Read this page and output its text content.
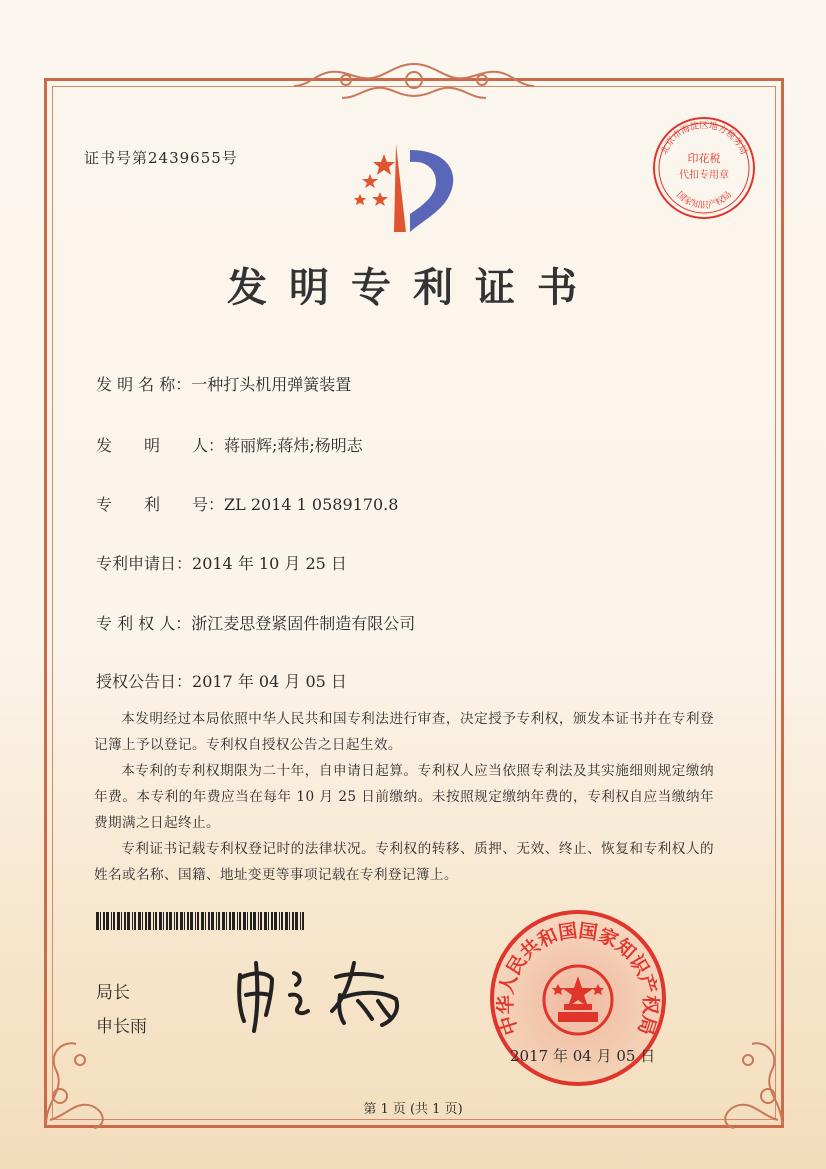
证书号第2439655号	北京市海淀区地方税务局
国家知识产权局
印花税
代扣专用章
发明专利证书
发 明 名 称：一种打头机用弹簧装置
发　　明　　人：蒋丽辉;蒋炜;杨明志
专　　利　　号：ZL 2014 1 0589170.8
专利申请日：2014 年 10 月 25 日
专 利 权 人：浙江麦思登紧固件制造有限公司
授权公告日：2017 年 04 月 05 日

本发明经过本局依照中华人民共和国专利法进行审查，决定授予专利权，颁发本证书并在专利登记簿上予以登记。专利权自授权公告之日起生效。

本专利的专利权期限为二十年，自申请日起算。专利权人应当依照专利法及其实施细则规定缴纳年费。本专利的年费应当在每年 10 月 25 日前缴纳。未按照规定缴纳年费的，专利权自应当缴纳年费期满之日起终止。

专利证书记载专利权登记时的法律状况。专利权的转移、质押、无效、终止、恢复和专利权人的姓名或名称、国籍、地址变更等事项记载在专利登记簿上。

局长
申长雨	中华人民共和国国家知识产权局
2017 年 04 月 05 日
第 1 页 (共 1 页)
